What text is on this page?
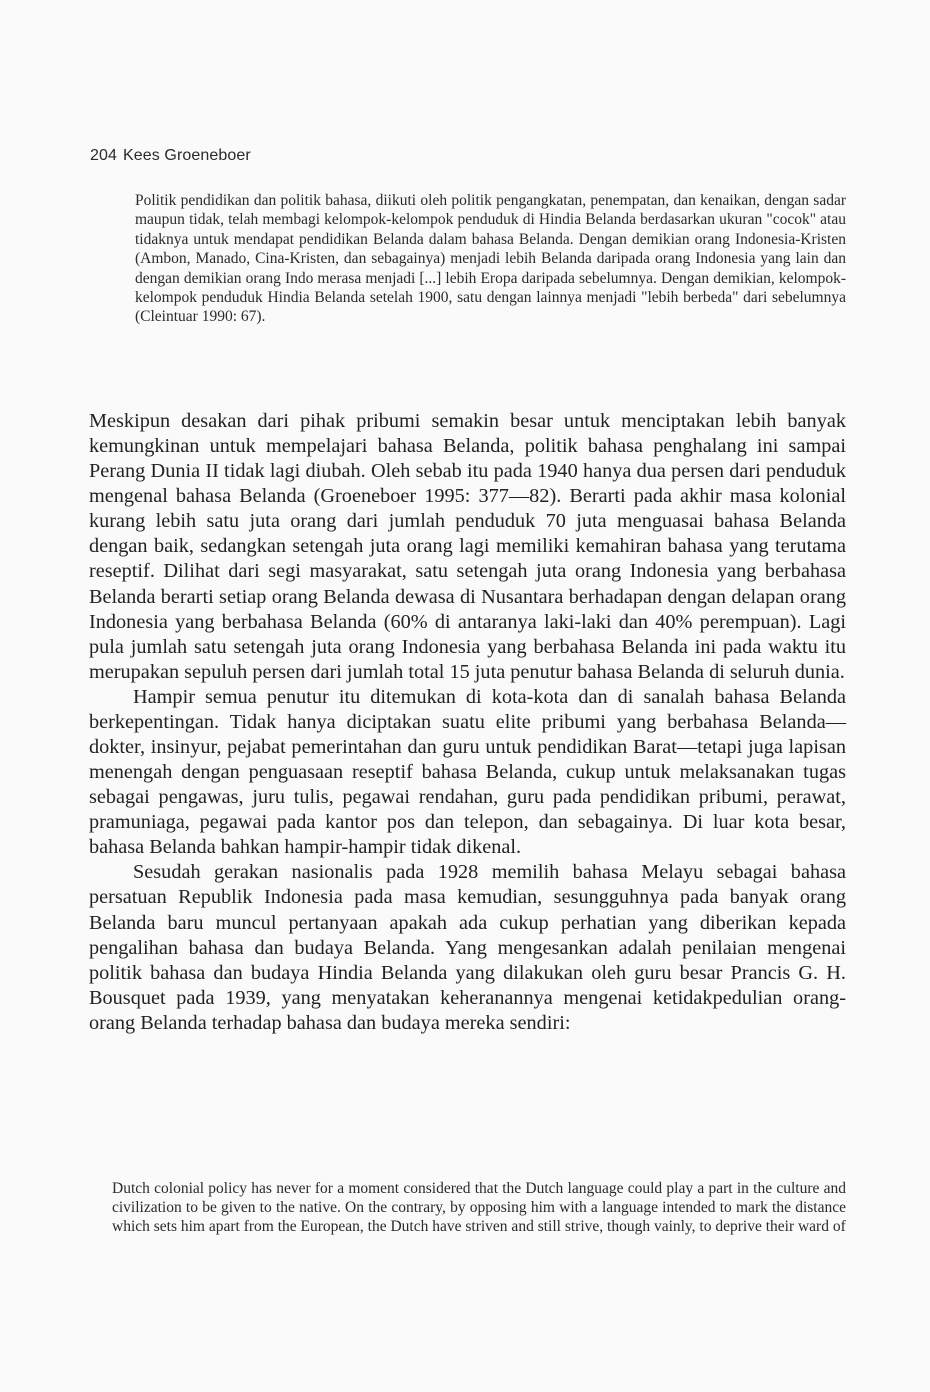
204 Kees Groeneboer

Politik pendidikan dan politik bahasa, diikuti oleh politik pengangkatan, penempatan, dan kenaikan, dengan sadar maupun tidak, telah membagi kelompok-kelompok penduduk di Hindia Belanda berdasarkan ukuran "cocok" atau tidaknya untuk mendapat pendidikan Belanda dalam bahasa Belanda. Dengan demikian orang Indonesia-Kristen (Ambon, Manado, Cina-Kristen, dan sebagainya) menjadi lebih Belanda daripada orang Indonesia yang lain dan dengan demikian orang Indo merasa menjadi [...] lebih Eropa daripada sebelumnya. Dengan demikian, kelompok-kelompok penduduk Hindia Belanda setelah 1900, satu dengan lainnya menjadi "lebih berbeda" dari sebelumnya (Cleintuar 1990: 67).

Meskipun desakan dari pihak pribumi semakin besar untuk menciptakan lebih banyak kemungkinan untuk mempelajari bahasa Belanda, politik bahasa penghalang ini sampai Perang Dunia II tidak lagi diubah. Oleh sebab itu pada 1940 hanya dua persen dari penduduk mengenal bahasa Belanda (Groeneboer 1995: 377—82). Berarti pada akhir masa kolonial kurang lebih satu juta orang dari jumlah penduduk 70 juta menguasai bahasa Belanda dengan baik, sedangkan setengah juta orang lagi memiliki kemahiran bahasa yang terutama reseptif. Dilihat dari segi masyarakat, satu setengah juta orang Indonesia yang berbahasa Belanda berarti setiap orang Belanda dewasa di Nusantara berhadapan dengan delapan orang Indonesia yang berbahasa Belanda (60% di antaranya laki-laki dan 40% perempuan). Lagi pula jumlah satu setengah juta orang Indonesia yang berbahasa Belanda ini pada waktu itu merupakan sepuluh persen dari jumlah total 15 juta penutur bahasa Belanda di seluruh dunia.

Hampir semua penutur itu ditemukan di kota-kota dan di sanalah bahasa Belanda berkepentingan. Tidak hanya diciptakan suatu elite pribumi yang berbahasa Belanda—dokter, insinyur, pejabat pemerintahan dan guru untuk pendidikan Barat—tetapi juga lapisan menengah dengan penguasaan reseptif bahasa Belanda, cukup untuk melaksanakan tugas sebagai pengawas, juru tulis, pegawai rendahan, guru pada pendidikan pribumi, perawat, pramuniaga, pegawai pada kantor pos dan telepon, dan sebagainya. Di luar kota besar, bahasa Belanda bahkan hampir-hampir tidak dikenal.

Sesudah gerakan nasionalis pada 1928 memilih bahasa Melayu sebagai bahasa persatuan Republik Indonesia pada masa kemudian, sesungguhnya pada banyak orang Belanda baru muncul pertanyaan apakah ada cukup perhatian yang diberikan kepada pengalihan bahasa dan budaya Belanda. Yang mengesankan adalah penilaian mengenai politik bahasa dan budaya Hindia Belanda yang dilakukan oleh guru besar Prancis G. H. Bousquet pada 1939, yang menyatakan keheranannya mengenai ketidakpedulian orang-orang Belanda terhadap bahasa dan budaya mereka sendiri:

Dutch colonial policy has never for a moment considered that the Dutch language could play a part in the culture and civilization to be given to the native. On the contrary, by opposing him with a language intended to mark the distance which sets him apart from the European, the Dutch have striven and still strive, though vainly, to deprive their ward of
